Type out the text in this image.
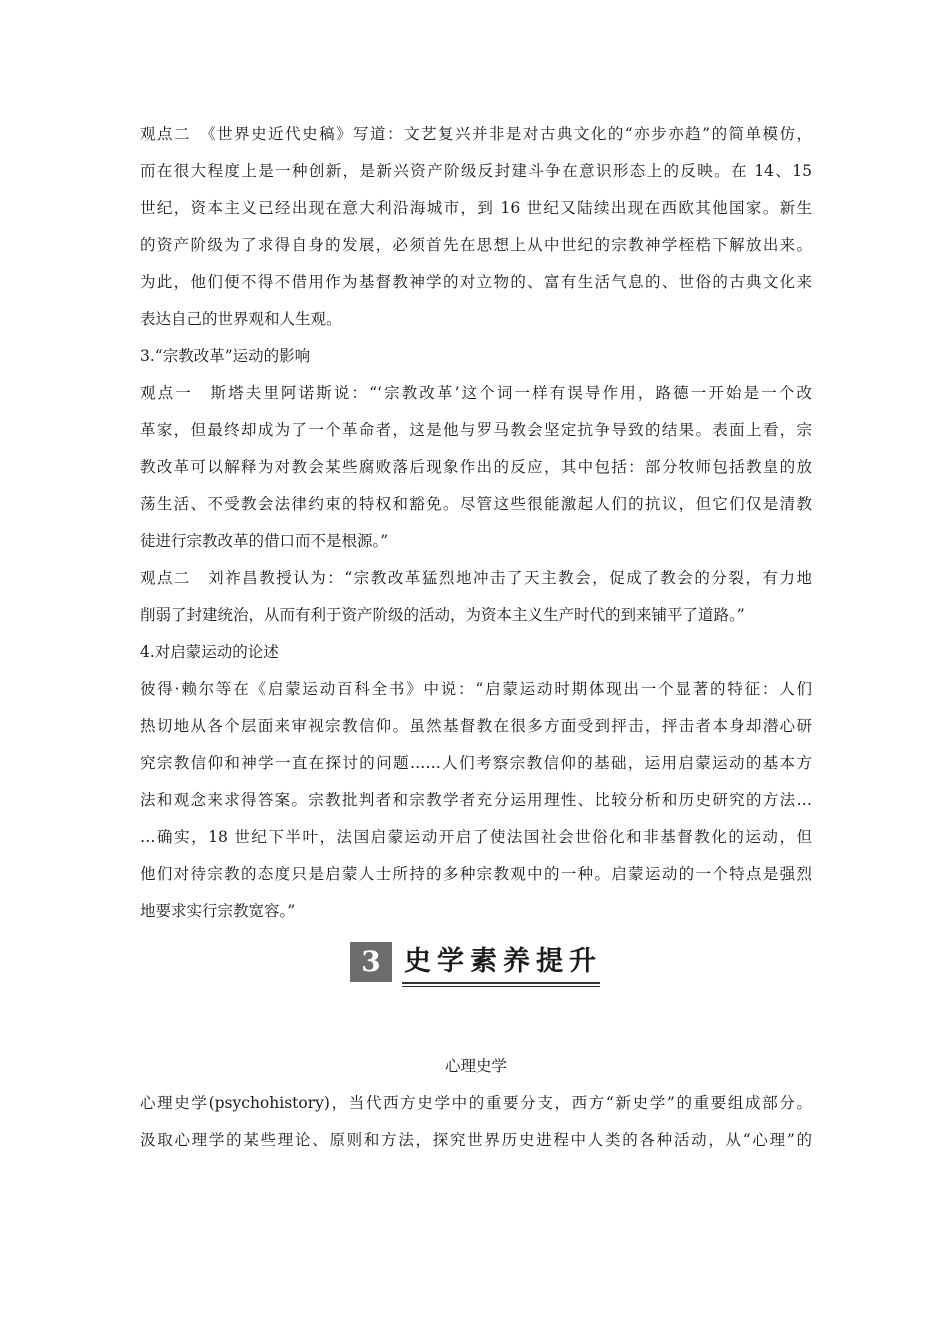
观点二　《世界史近代史稿》写道：文艺复兴并非是对古典文化的“亦步亦趋”的简单模仿，
而在很大程度上是一种创新，是新兴资产阶级反封建斗争在意识形态上的反映。在 14、15
世纪，资本主义已经出现在意大利沿海城市，到 16 世纪又陆续出现在西欧其他国家。新生
的资产阶级为了求得自身的发展，必须首先在思想上从中世纪的宗教神学桎梏下解放出来。
为此，他们便不得不借用作为基督教神学的对立物的、富有生活气息的、世俗的古典文化来
表达自己的世界观和人生观。
3.“宗教改革”运动的影响
观点一　斯塔夫里阿诺斯说：“‘宗教改革’这个词一样有误导作用，路德一开始是一个改
革家，但最终却成为了一个革命者，这是他与罗马教会坚定抗争导致的结果。表面上看，宗
教改革可以解释为对教会某些腐败落后现象作出的反应，其中包括：部分牧师包括教皇的放
荡生活、不受教会法律约束的特权和豁免。尽管这些很能激起人们的抗议，但它们仅是清教
徒进行宗教改革的借口而不是根源。”
观点二　刘祚昌教授认为：“宗教改革猛烈地冲击了天主教会，促成了教会的分裂，有力地
削弱了封建统治，从而有利于资产阶级的活动，为资本主义生产时代的到来铺平了道路。”
4.对启蒙运动的论述
彼得·赖尔等在《启蒙运动百科全书》中说：“启蒙运动时期体现出一个显著的特征：人们
热切地从各个层面来审视宗教信仰。虽然基督教在很多方面受到抨击，抨击者本身却潜心研
究宗教信仰和神学一直在探讨的问题……人们考察宗教信仰的基础，运用启蒙运动的基本方
法和观念来求得答案。宗教批判者和宗教学者充分运用理性、比较分析和历史研究的方法…
…确实，18 世纪下半叶，法国启蒙运动开启了使法国社会世俗化和非基督教化的运动，但
他们对待宗教的态度只是启蒙人士所持的多种宗教观中的一种。启蒙运动的一个特点是强烈
地要求实行宗教宽容。”
3 史学素养提升
心理史学
心理史学(psychohistory)，当代西方史学中的重要分支，西方“新史学”的重要组成部分。
汲取心理学的某些理论、原则和方法，探究世界历史进程中人类的各种活动，从“心理”的
